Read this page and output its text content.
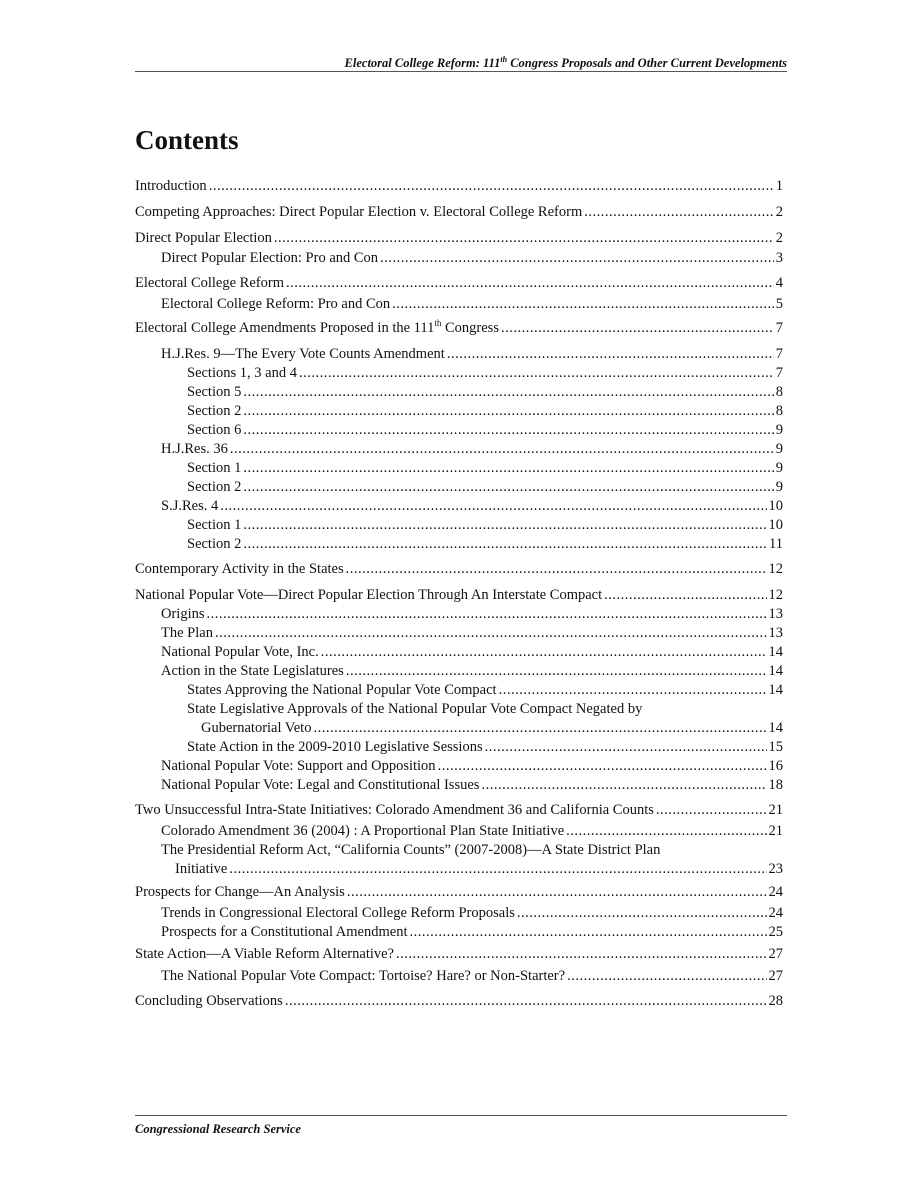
Electoral College Reform: 111th Congress Proposals and Other Current Developments
Contents
Introduction .....	1
Competing Approaches: Direct Popular Election v. Electoral College Reform .....	2
Direct Popular Election .....	2
Direct Popular Election: Pro and Con .....	3
Electoral College Reform .....	4
Electoral College Reform: Pro and Con .....	5
Electoral College Amendments Proposed in the 111th Congress .....	7
H.J.Res. 9—The Every Vote Counts Amendment .....	7
Sections 1, 3 and 4 .....	7
Section 5 .....	8
Section 2 .....	8
Section 6 .....	9
H.J.Res. 36 .....	9
Section 1 .....	9
Section 2 .....	9
S.J.Res. 4 .....	10
Section 1 .....	10
Section 2 .....	11
Contemporary Activity in the States .....	12
National Popular Vote—Direct Popular Election Through An Interstate Compact .....	12
Origins .....	13
The Plan .....	13
National Popular Vote, Inc. .....	14
Action in the State Legislatures .....	14
States Approving the National Popular Vote Compact .....	14
State Legislative Approvals of the National Popular Vote Compact Negated by
Gubernatorial Veto .....	14
State Action in the 2009-2010 Legislative Sessions .....	15
National Popular Vote: Support and Opposition .....	16
National Popular Vote: Legal and Constitutional Issues .....	18
Two Unsuccessful Intra-State Initiatives: Colorado Amendment 36 and California Counts .....	21
Colorado Amendment 36 (2004) : A Proportional Plan State Initiative .....	21
The Presidential Reform Act, “California Counts” (2007-2008)—A State District Plan
Initiative .....	23
Prospects for Change—An Analysis .....	24
Trends in Congressional Electoral College Reform Proposals .....	24
Prospects for a Constitutional Amendment .....	25
State Action—A Viable Reform Alternative? .....	27
The National Popular Vote Compact: Tortoise? Hare? or Non-Starter? .....	27
Concluding Observations .....	28
Congressional Research Service
